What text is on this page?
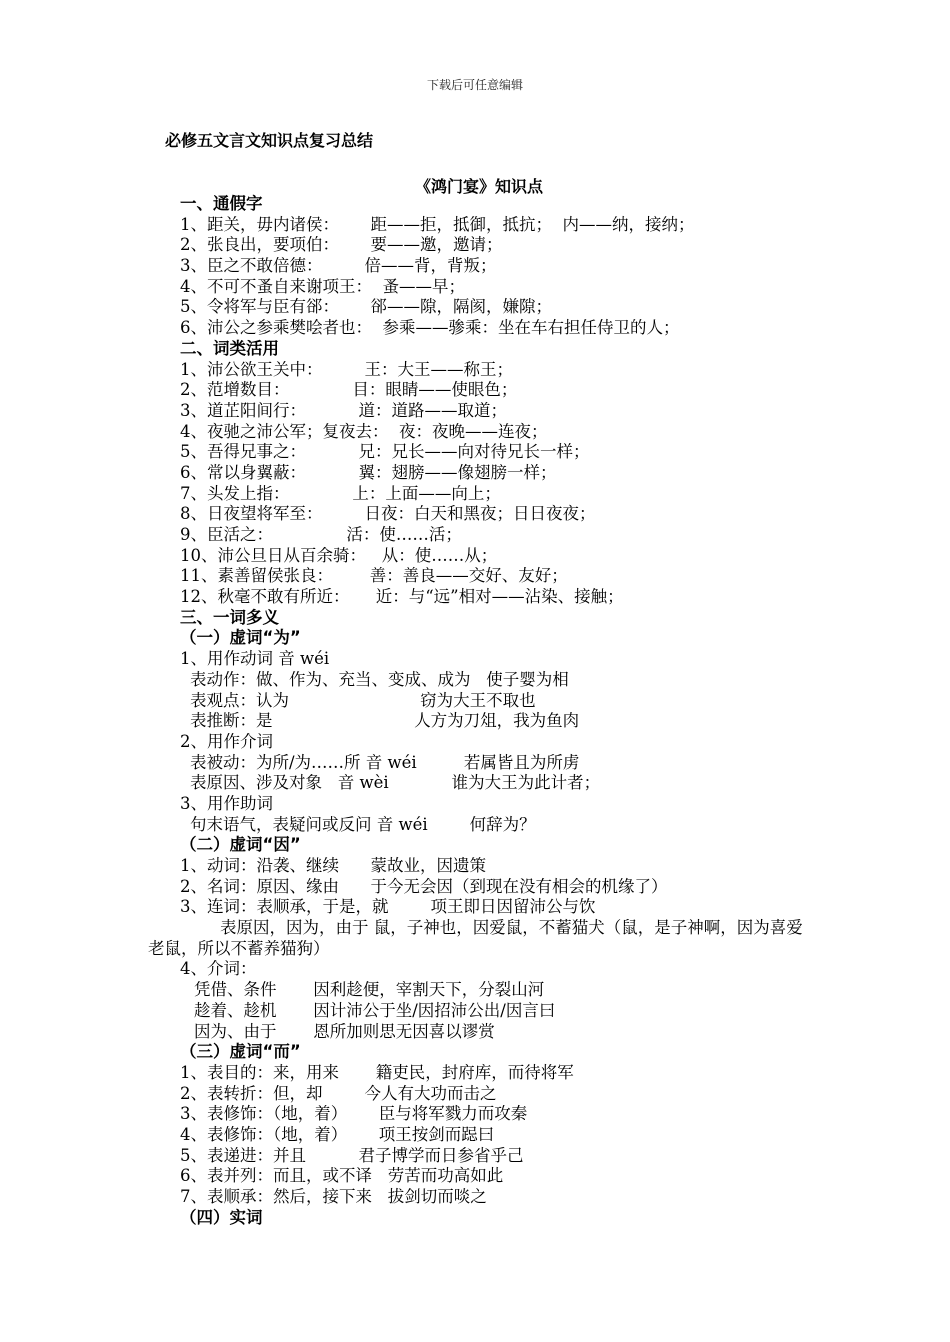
下载后可任意编辑
必修五文言文知识点复习总结
《鸿门宴》知识点
一、通假字
1、距关，毋内诸侯：      距——拒，抵御，抵抗；  内——纳，接纳；
2、张良出，要项伯：      要——邀，邀请；
3、臣之不敢倍德：        倍——背，背叛；
4、不可不蚤自来谢项王：  蚤——早；
5、令将军与臣有郤：      郤——隙，隔阂，嫌隙；
6、沛公之参乘樊哙者也：  参乘——骖乘：坐在车右担任侍卫的人；
二、词类活用
1、沛公欲王关中：        王：大王——称王；
2、范增数目：            目：眼睛——使眼色；
3、道芷阳间行：          道：道路——取道；
4、夜驰之沛公军；复夜去：  夜：夜晚——连夜；
5、吾得兄事之：          兄：兄长——向对待兄长一样；
6、常以身翼蔽：          翼：翅膀——像翅膀一样；
7、头发上指：            上：上面——向上；
8、日夜望将军至：        日夜：白天和黑夜；日日夜夜；
9、臣活之：              活：使……活；
10、沛公旦日从百余骑：   从：使……从；
11、素善留侯张良：       善：善良——交好、友好；
12、秋毫不敢有所近：     近：与“远”相对——沾染、接触；
三、一词多义
（一）虚词“为”
1、用作动词 音 wéi
表动作：做、作为、充当、变成、成为   使子婴为相
表观点：认为                         窃为大王不取也
表推断：是                           人方为刀俎，我为鱼肉
2、用作介词
表被动：为所/为……所 音 wéi         若属皆且为所虏
表原因、涉及对象   音 wèi            谁为大王为此计者；
3、用作助词
句末语气，表疑问或反问 音 wéi        何辞为？
（二）虚词“因”
1、动词：沿袭、继续      蒙故业，因遗策
2、名词：原因、缘由      于今无会因（到现在没有相会的机缘了）
3、连词：表顺承，于是，就        项王即日因留沛公与饮
表原因，因为，由于 鼠，子神也，因爱鼠，不蓄猫犬（鼠，是子神啊，因为喜爱老鼠，所以不蓄养猫狗）
4、介词：
凭借、条件       因利趁便，宰割天下，分裂山河
趁着、趁机       因计沛公于坐/因招沛公出/因言曰
因为、由于       恩所加则思无因喜以谬赏
（三）虚词“而”
1、表目的：来，用来       籍吏民，封府库，而待将军
2、表转折：但，却        今人有大功而击之
3、表修饰：（地，着）      臣与将军戮力而攻秦
4、表修饰：（地，着）      项王按剑而跽曰
5、表递进：并且          君子博学而日参省乎己
6、表并列：而且，或不译   劳苦而功高如此
7、表顺承：然后，接下来   拔剑切而啖之
（四）实词
